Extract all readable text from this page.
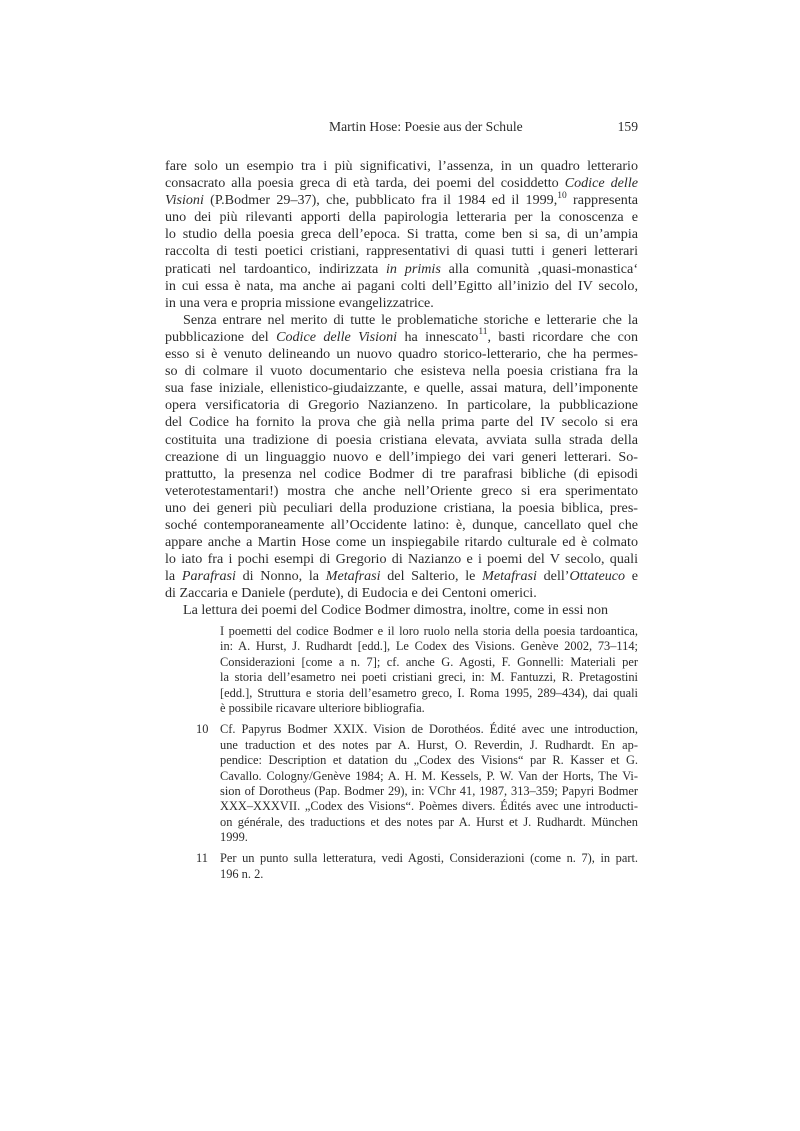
Martin Hose: Poesie aus der Schule	159
fare solo un esempio tra i più significativi, l’assenza, in un quadro letterario
consacrato alla poesia greca di età tarda, dei poemi del cosiddetto Codice delle
Visioni (P.Bodmer 29–37), che, pubblicato fra il 1984 ed il 1999,10 rappresenta
uno dei più rilevanti apporti della papirologia letteraria per la conoscenza e
lo studio della poesia greca dell’epoca. Si tratta, come ben si sa, di un’ampia
raccolta di testi poetici cristiani, rappresentativi di quasi tutti i generi letterari
praticati nel tardoantico, indirizzata in primis alla comunità ‚quasi-monastica‘
in cui essa è nata, ma anche ai pagani colti dell’Egitto all’inizio del IV secolo,
in una vera e propria missione evangelizzatrice.
Senza entrare nel merito di tutte le problematiche storiche e letterarie che la
pubblicazione del Codice delle Visioni ha innescato$^{11}$, basti ricordare che con
esso si è venuto delineando un nuovo quadro storico-letterario, che ha permes-
so di colmare il vuoto documentario che esisteva nella poesia cristiana fra la
sua fase iniziale, ellenistico-giudaizzante, e quelle, assai matura, dell’imponente
opera versificatoria di Gregorio Nazianzeno. In particolare, la pubblicazione
del Codice ha fornito la prova che già nella prima parte del IV secolo si era
costituita una tradizione di poesia cristiana elevata, avviata sulla strada della
creazione di un linguaggio nuovo e dell’impiego dei vari generi letterari. So-
prattutto, la presenza nel codice Bodmer di tre parafrasi bibliche (di episodi
veterotestamentari!) mostra che anche nell’Oriente greco si era sperimentato
uno dei generi più peculiari della produzione cristiana, la poesia biblica, pres-
soché contemporaneamente all’Occidente latino: è, dunque, cancellato quel che
appare anche a Martin Hose come un inspiegabile ritardo culturale ed è colmato
lo iato fra i pochi esempi di Gregorio di Nazianzo e i poemi del V secolo, quali
la Parafrasi di Nonno, la Metafrasi del Salterio, le Metafrasi dell’Ottateuco e
di Zaccaria e Daniele (perdute), di Eudocia e dei Centoni omerici.
La lettura dei poemi del Codice Bodmer dimostra, inoltre, come in essi non
I poemetti del codice Bodmer e il loro ruolo nella storia della poesia tardoantica,
in: A. Hurst, J. Rudhardt [edd.], Le Codex des Visions. Genève 2002, 73–114;
Considerazioni [come a n. 7]; cf. anche G. Agosti, F. Gonnelli: Materiali per
la storia dell’esametro nei poeti cristiani greci, in: M. Fantuzzi, R. Pretagostini
[edd.], Struttura e storia dell’esametro greco, I. Roma 1995, 289–434), dai quali
è possibile ricavare ulteriore bibliografia.
10 Cf. Papyrus Bodmer XXIX. Vision de Dorothéos. Édité avec une introduction,
une traduction et des notes par A. Hurst, O. Reverdin, J. Rudhardt. En ap-
pendice: Description et datation du „Codex des Visions“ par R. Kasser et G.
Cavallo. Cologny/Genève 1984; A. H. M. Kessels, P. W. Van der Horts, The Vi-
sion of Dorotheus (Pap. Bodmer 29), in: VChr 41, 1987, 313–359; Papyri Bodmer
XXX–XXXVII. „Codex des Visions“. Poèmes divers. Édités avec une introducti-
on générale, des traductions et des notes par A. Hurst et J. Rudhardt. München
1999.
11 Per un punto sulla letteratura, vedi Agosti, Considerazioni (come n. 7), in part.
196 n. 2.
